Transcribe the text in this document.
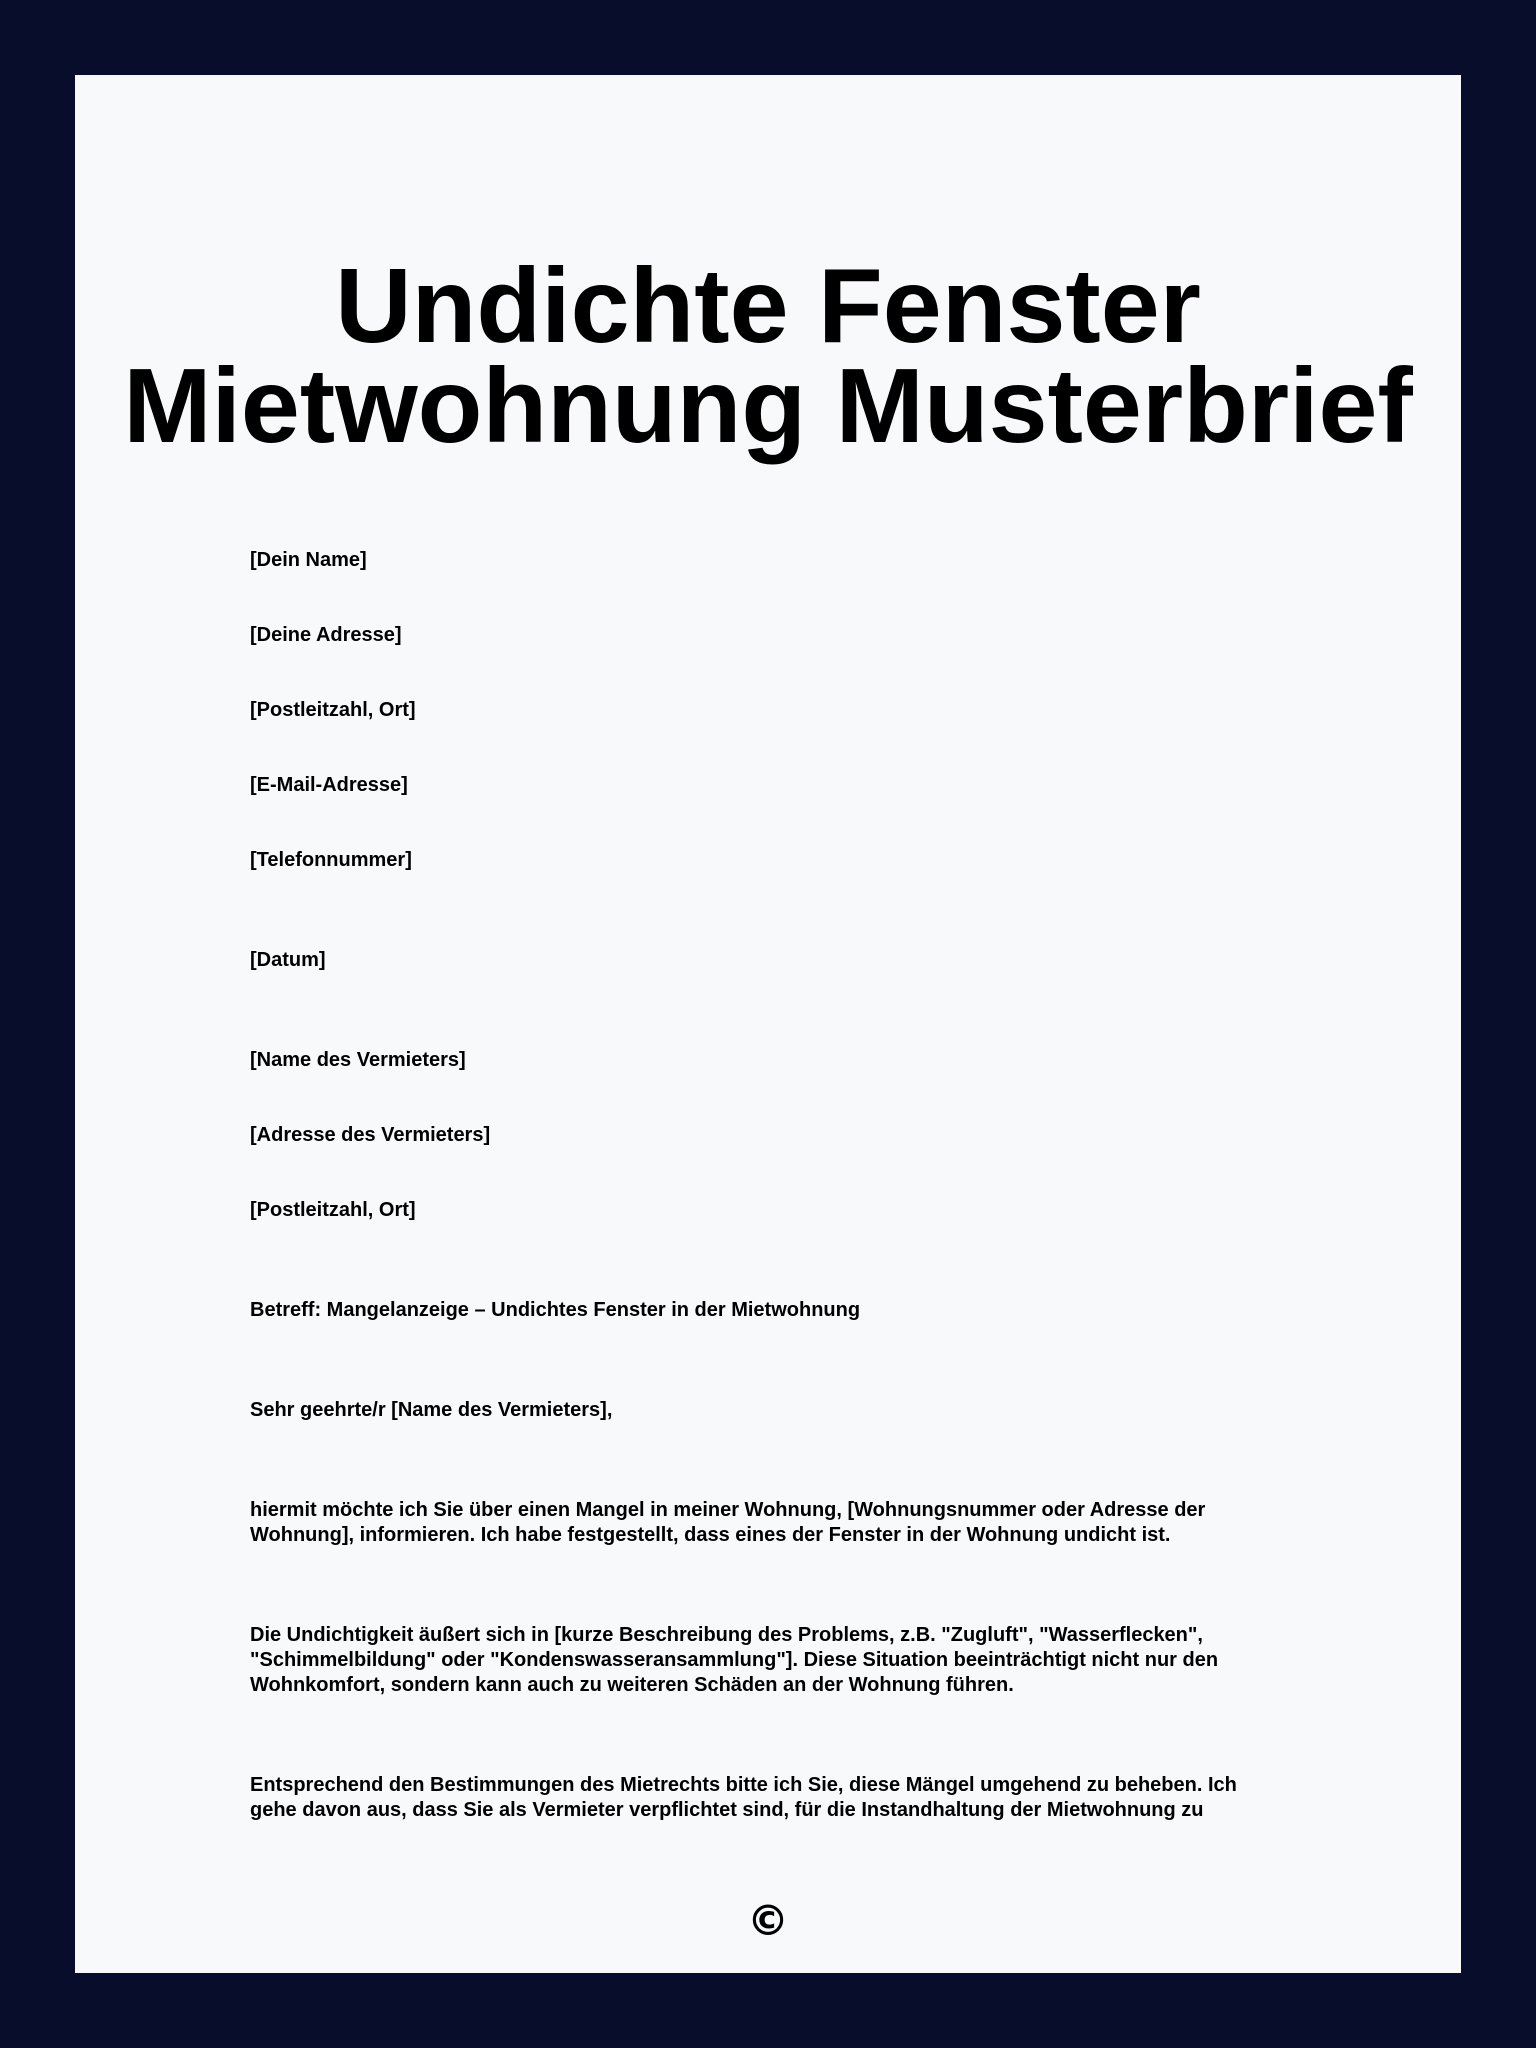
Undichte Fenster
Mietwohnung Musterbrief

[Dein Name]

[Deine Adresse]

[Postleitzahl, Ort]

[E-Mail-Adresse]

[Telefonnummer]

[Datum]

[Name des Vermieters]

[Adresse des Vermieters]

[Postleitzahl, Ort]

Betreff: Mangelanzeige – Undichtes Fenster in der Mietwohnung

Sehr geehrte/r [Name des Vermieters],

hiermit möchte ich Sie über einen Mangel in meiner Wohnung, [Wohnungsnummer oder Adresse der
Wohnung], informieren. Ich habe festgestellt, dass eines der Fenster in der Wohnung undicht ist.
Die Undichtigkeit äußert sich in [kurze Beschreibung des Problems, z.B. "Zugluft", "Wasserflecken",
"Schimmelbildung" oder "Kondenswasseransammlung"]. Diese Situation beeinträchtigt nicht nur den
Wohnkomfort, sondern kann auch zu weiteren Schäden an der Wohnung führen.
Entsprechend den Bestimmungen des Mietrechts bitte ich Sie, diese Mängel umgehend zu beheben. Ich
gehe davon aus, dass Sie als Vermieter verpflichtet sind, für die Instandhaltung der Mietwohnung zu
©
